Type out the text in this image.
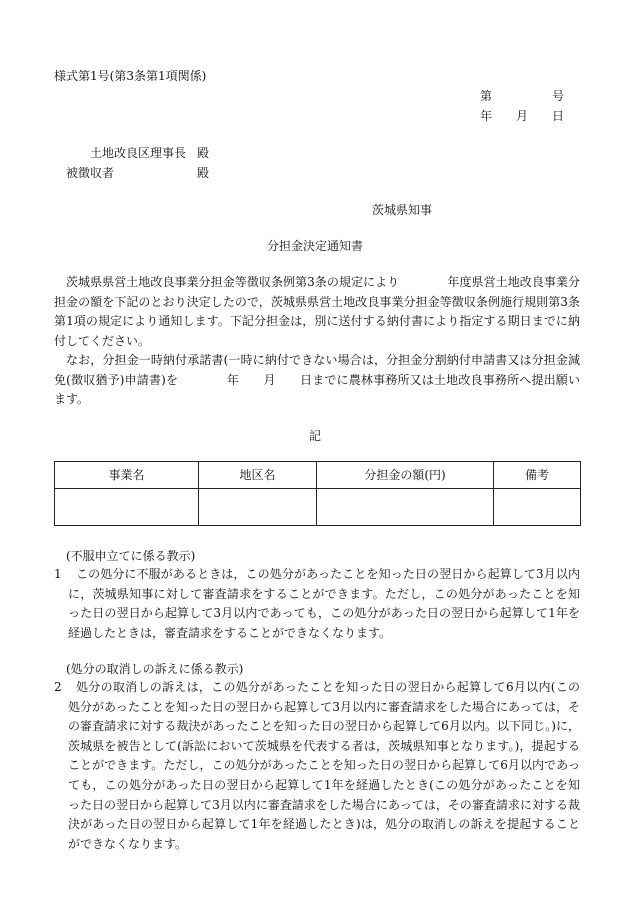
様式第1号(第3条第1項関係)
第	号
年 月 日
土地改良区理事長 殿
被徴収者	殿
茨城県知事
分担金決定通知書
茨城県県営土地改良事業分担金等徴収条例第3条の規定により　　　　年度県営土地改良事業分担金の額を下記のとおり決定したので，茨城県県営土地改良事業分担金等徴収条例施行規則第3条第1項の規定により通知します。下記分担金は，別に送付する納付書により指定する期日までに納付してください。
なお，分担金一時納付承諾書(一時に納付できない場合は，分担金分割納付申請書又は分担金減免(徴収猶予)申請書)を　　　　年　　月　　日までに農林事務所又は土地改良事務所へ提出願います。
記
事業名	地区名	分担金の額(円)	備考

(不服申立てに係る教示)
1	この処分に不服があるときは，この処分があったことを知った日の翌日から起算して3月以内に，茨城県知事に対して審査請求をすることができます。ただし，この処分があったことを知った日の翌日から起算して3月以内であっても，この処分があった日の翌日から起算して1年を経過したときは，審査請求をすることができなくなります。
(処分の取消しの訴えに係る教示)
2	処分の取消しの訴えは，この処分があったことを知った日の翌日から起算して6月以内(この処分があったことを知った日の翌日から起算して3月以内に審査請求をした場合にあっては，その審査請求に対する裁決があったことを知った日の翌日から起算して6月以内。以下同じ。)に，茨城県を被告として(訴訟において茨城県を代表する者は，茨城県知事となります。)，提起することができます。ただし，この処分があったことを知った日の翌日から起算して6月以内であっても，この処分があった日の翌日から起算して1年を経過したとき(この処分があったことを知った日の翌日から起算して3月以内に審査請求をした場合にあっては，その審査請求に対する裁決があった日の翌日から起算して1年を経過したとき)は，処分の取消しの訴えを提起することができなくなります。
